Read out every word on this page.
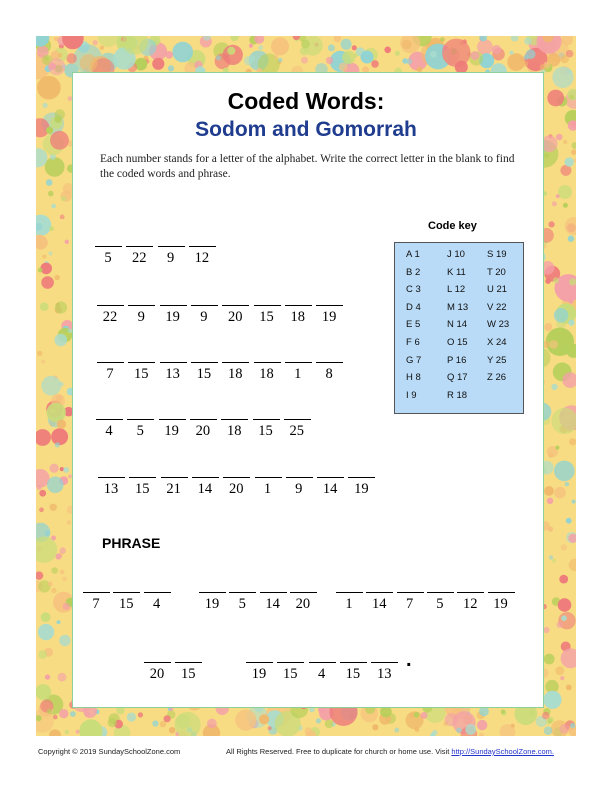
Coded Words:
Sodom and Gomorrah
Each number stands for a letter of the alphabet. Write the correct letter in the blank to find the coded words and phrase.
Code key
A 1
B 2
C 3
D 4
E 5
F 6
G 7
H 8
I 9
J 10
K 11
L 12
M 13
N 14
O 15
P 16
Q 17
R 18
S 19
T 20
U 21
V 22
W 23
X 24
Y 25
Z 26
5	22	9	12
22	9	19	9	20	15	18	19
7	15	13	15	18	18	1	8
4	5	19	20	18	15	25
13	15	21	14	20	1	9	14	19
7	15	4	19	5	14	20	1	14	7	5	12	19
20	15	19	15	4	15	13
PHRASE
.
Copyright © 2019 SundaySchoolZone.com	All Rights Reserved. Free to duplicate for church or home use. Visit http://SundaySchoolZone.com.
